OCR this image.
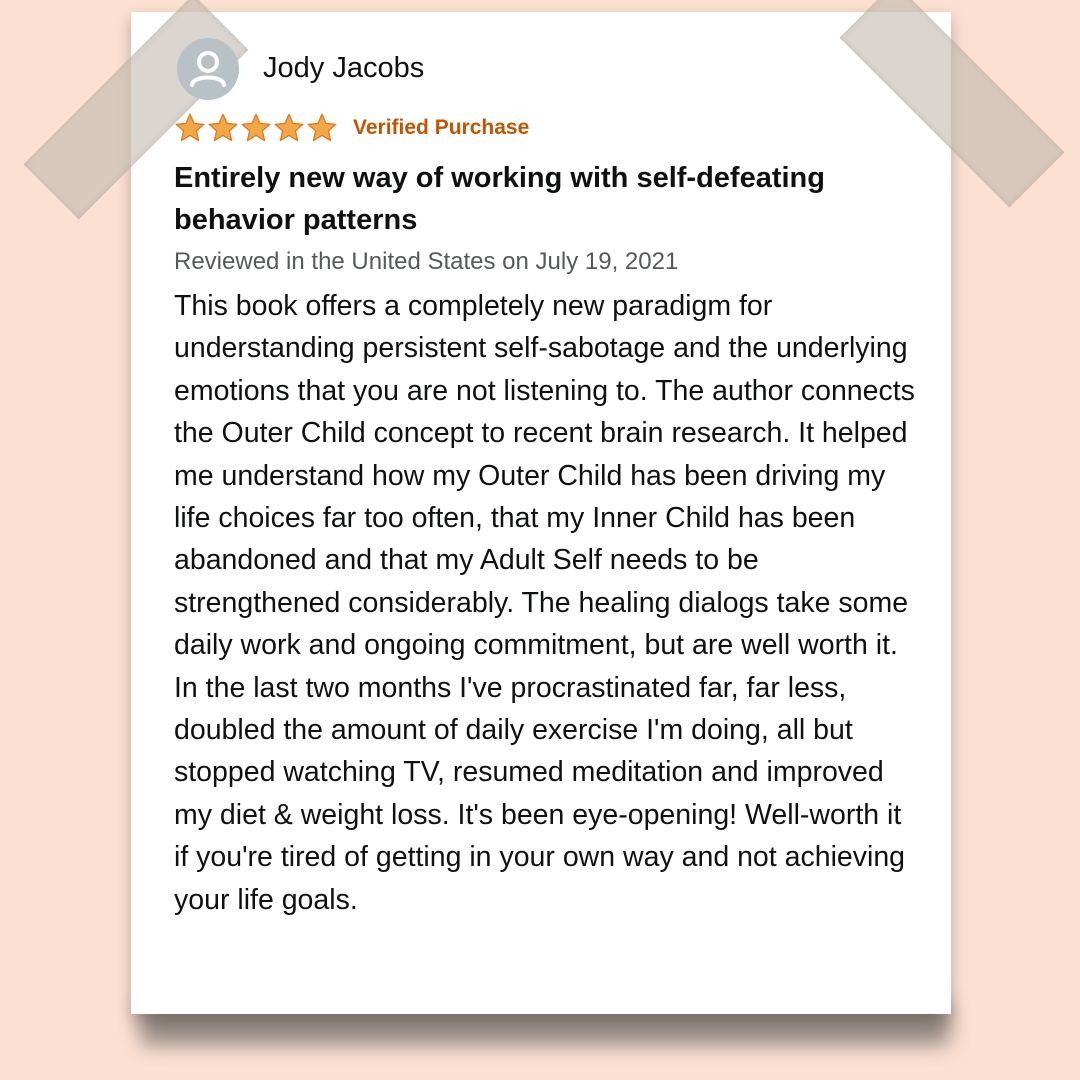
Jody Jacobs
Verified Purchase
Entirely new way of working with self-defeating behavior patterns
Reviewed in the United States on July 19, 2021
This book offers a completely new paradigm for understanding persistent self-sabotage and the underlying emotions that you are not listening to. The author connects the Outer Child concept to recent brain research. It helped me understand how my Outer Child has been driving my life choices far too often, that my Inner Child has been abandoned and that my Adult Self needs to be strengthened considerably. The healing dialogs take some daily work and ongoing commitment, but are well worth it. In the last two months I've procrastinated far, far less, doubled the amount of daily exercise I'm doing, all but stopped watching TV, resumed meditation and improved my diet & weight loss. It's been eye-opening! Well-worth it if you're tired of getting in your own way and not achieving your life goals.
